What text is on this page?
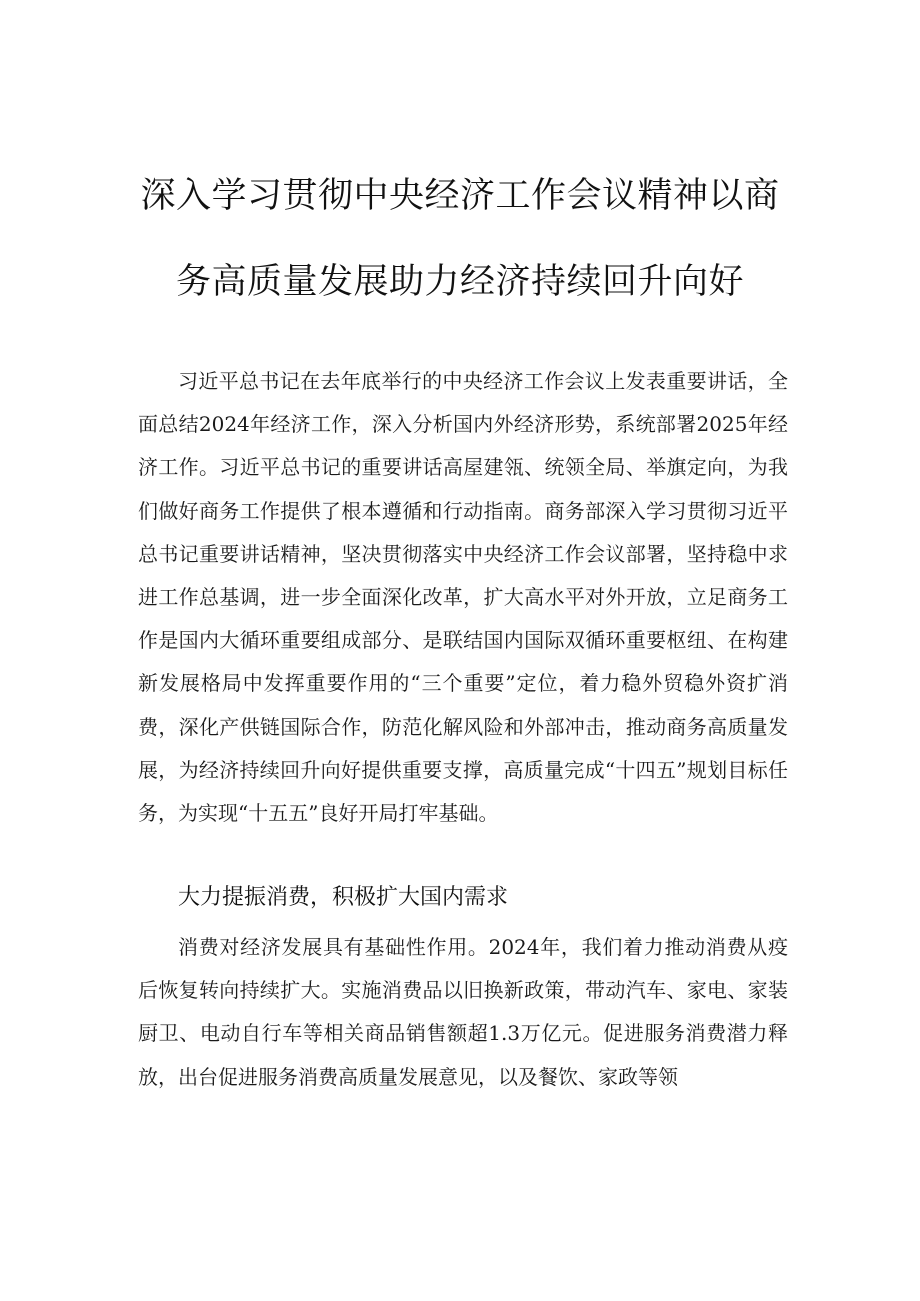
深入学习贯彻中央经济工作会议精神以商
务高质量发展助力经济持续回升向好

习近平总书记在去年底举行的中央经济工作会议上发表重要讲话，全面总结2024年经济工作，深入分析国内外经济形势，系统部署2025年经济工作。习近平总书记的重要讲话高屋建瓴、统领全局、举旗定向，为我们做好商务工作提供了根本遵循和行动指南。商务部深入学习贯彻习近平总书记重要讲话精神，坚决贯彻落实中央经济工作会议部署，坚持稳中求进工作总基调，进一步全面深化改革，扩大高水平对外开放，立足商务工作是国内大循环重要组成部分、是联结国内国际双循环重要枢纽、在构建新发展格局中发挥重要作用的“三个重要”定位，着力稳外贸稳外资扩消费，深化产供链国际合作，防范化解风险和外部冲击，推动商务高质量发展，为经济持续回升向好提供重要支撑，高质量完成“十四五”规划目标任务，为实现“十五五”良好开局打牢基础。

大力提振消费，积极扩大国内需求

消费对经济发展具有基础性作用。2024年，我们着力推动消费从疫后恢复转向持续扩大。实施消费品以旧换新政策，带动汽车、家电、家装厨卫、电动自行车等相关商品销售额超1.3万亿元。促进服务消费潜力释放，出台促进服务消费高质量发展意见，以及餐饮、家政等领
